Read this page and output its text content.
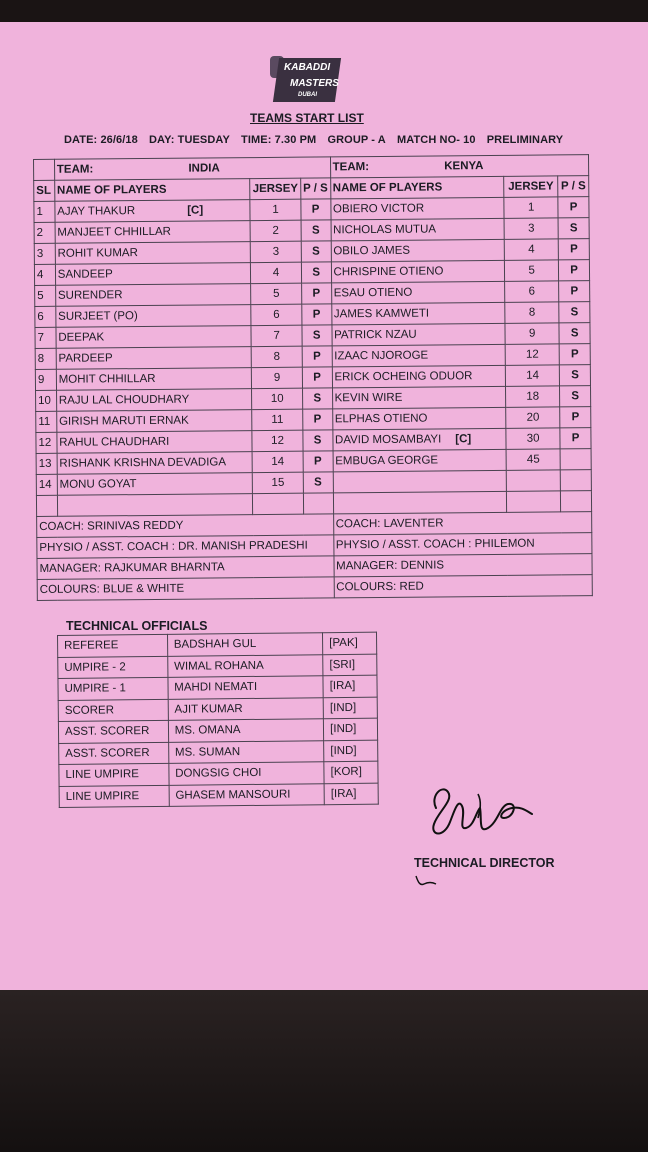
KABADDI
MASTERS
DUBAI
TEAMS START LIST
DATE: 26/6/18 DAY: TUESDAY TIME: 7.30 PM GROUP - A MATCH NO- 10 PRELIMINARY
	TEAM: INDIA			TEAM: KENYA		
SL	NAME OF PLAYERS	JERSEY	P / S	NAME OF PLAYERS	JERSEY	P / S
1	AJAY THAKUR [C]	1	P	OBIERO VICTOR	1	P
2	MANJEET CHHILLAR	2	S	NICHOLAS MUTUA	3	S
3	ROHIT KUMAR	3	S	OBILO JAMES	4	P
4	SANDEEP	4	S	CHRISPINE OTIENO	5	P
5	SURENDER	5	P	ESAU OTIENO	6	P
6	SURJEET (PO)	6	P	JAMES KAMWETI	8	S
7	DEEPAK	7	S	PATRICK NZAU	9	S
8	PARDEEP	8	P	IZAAC NJOROGE	12	P
9	MOHIT CHHILLAR	9	P	ERICK OCHEING ODUOR	14	S
10	RAJU LAL CHOUDHARY	10	S	KEVIN WIRE	18	S
11	GIRISH MARUTI ERNAK	11	P	ELPHAS OTIENO	20	P
12	RAHUL CHAUDHARI	12	S	DAVID MOSAMBAYI [C]	30	P
13	RISHANK KRISHNA DEVADIGA	14	P	EMBUGA GEORGE	45	
14	MONU GOYAT	15	S			

COACH: SRINIVAS REDDY				COACH: LAVENTER		
PHYSIO / ASST. COACH : DR. MANISH PRADESHI				PHYSIO / ASST. COACH : PHILEMON		
MANAGER: RAJKUMAR BHARNTA				MANAGER: DENNIS		
COLOURS: BLUE & WHITE				COLOURS: RED		
TECHNICAL OFFICIALS
REFEREE	BADSHAH GUL	[PAK]
UMPIRE - 2	WIMAL ROHANA	[SRI]
UMPIRE - 1	MAHDI NEMATI	[IRA]
SCORER	AJIT KUMAR	[IND]
ASST. SCORER	MS. OMANA	[IND]
ASST. SCORER	MS. SUMAN	[IND]
LINE UMPIRE	DONGSIG CHOI	[KOR]
LINE UMPIRE	GHASEM MANSOURI	[IRA]
TECHNICAL DIRECTOR
